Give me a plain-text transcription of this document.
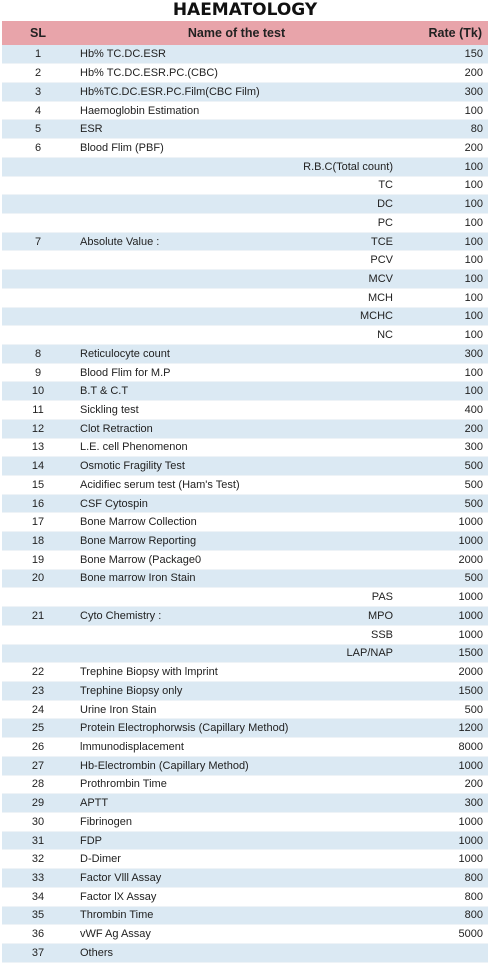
HAEMATOLOGY
SL	Name of the test		Rate (Tk)
1	Hb% TC.DC.ESR		150
2	Hb% TC.DC.ESR.PC.(CBC)		200
3	Hb%TC.DC.ESR.PC.Film(CBC Film)		300
4	Haemoglobin Estimation		100
5	ESR		80
6	Blood Flim (PBF)		200
		R.B.C(Total count)	100
		TC	100
		DC	100
		PC	100
7	Absolute Value :	TCE	100
		PCV	100
		MCV	100
		MCH	100
		MCHC	100
		NC	100
8	Reticulocyte count		300
9	Blood Flim for M.P		100
10	B.T & C.T		100
11	Sickling test		400
12	Clot Retraction		200
13	L.E. cell Phenomenon		300
14	Osmotic Fragility Test		500
15	Acidifiec serum test (Ham's Test)		500
16	CSF Cytospin		500
17	Bone Marrow Collection		1000
18	Bone Marrow Reporting		1000
19	Bone Marrow (Package0		2000
20	Bone marrow Iron Stain		500
		PAS	1000
21	Cyto Chemistry :	MPO	1000
		SSB	1000
		LAP/NAP	1500
22	Trephine Biopsy with lmprint		2000
23	Trephine Biopsy only		1500
24	Urine Iron Stain		500
25	Protein Electrophorwsis (Capillary Method)		1200
26	lmmunodisplacement		8000
27	Hb-Electrombin (Capillary Method)		1000
28	Prothrombin Time		200
29	APTT		300
30	Fibrinogen		1000
31	FDP		1000
32	D-Dimer		1000
33	Factor Vlll Assay		800
34	Factor lX Assay		800
35	Thrombin Time		800
36	vWF Ag Assay		5000
37	Others		
